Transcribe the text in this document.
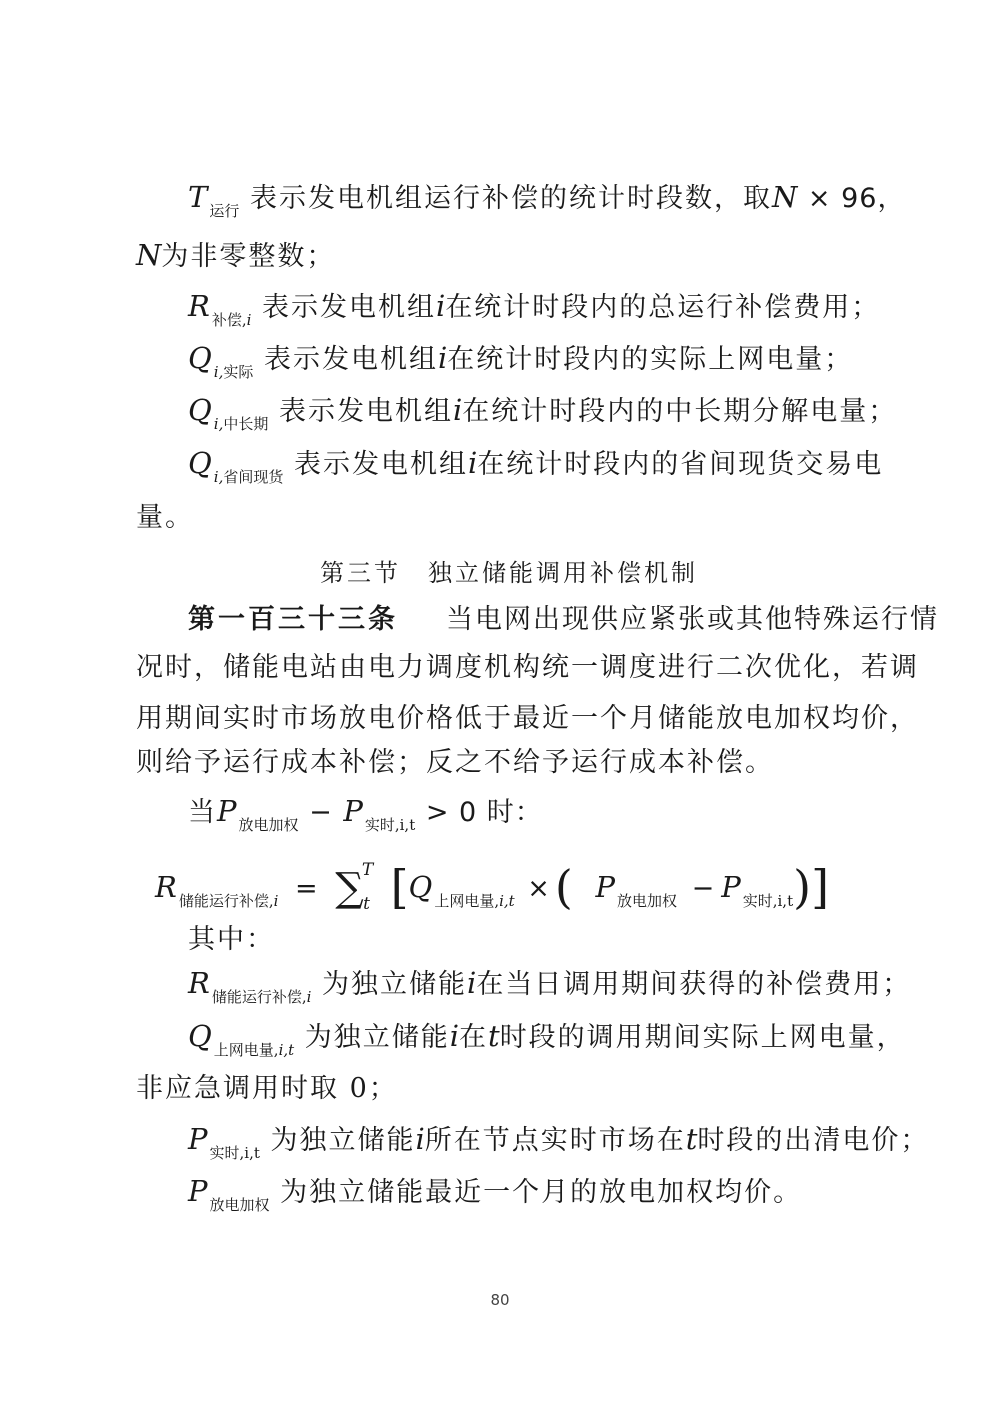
T $_{运行}$ 表示发电机组运行补偿的统计时段数，取N × 96，
N为非零整数；
R $_{补偿,i}$ 表示发电机组i在统计时段内的总运行补偿费用；
Q $_{i,实际}$ 表示发电机组i在统计时段内的实际上网电量；
Q $_{i,中长期}$ 表示发电机组i在统计时段内的中长期分解电量；
Q $_{i,省间现货}$ 表示发电机组i在统计时段内的省间现货交易电
量。
第三节　独立储能调用补偿机制
第一百三十三条 当电网出现供应紧张或其他特殊运行情
况时，储能电站由电力调度机构统一调度进行二次优化，若调
用期间实时市场放电价格低于最近一个月储能放电加权均价，
则给予运行成本补偿；反之不给予运行成本补偿。
当P $_{放电加权}$ − P $_{实时,i,t}$ > 0 时：
R $_{储能运行补偿,i}$ = ∑$^T_t$ [Q $_{上网电量,i,t}$ ×( P $_{放电加权}$ − P $_{实时,i,t}$)]
其中：
R $_{储能运行补偿,i}$ 为独立储能i在当日调用期间获得的补偿费用；
Q $_{上网电量,i,t}$ 为独立储能i在t时段的调用期间实际上网电量，
非应急调用时取 0；
P $_{实时,i,t}$ 为独立储能i所在节点实时市场在t时段的出清电价；
P $_{放电加权}$ 为独立储能最近一个月的放电加权均价。
80
